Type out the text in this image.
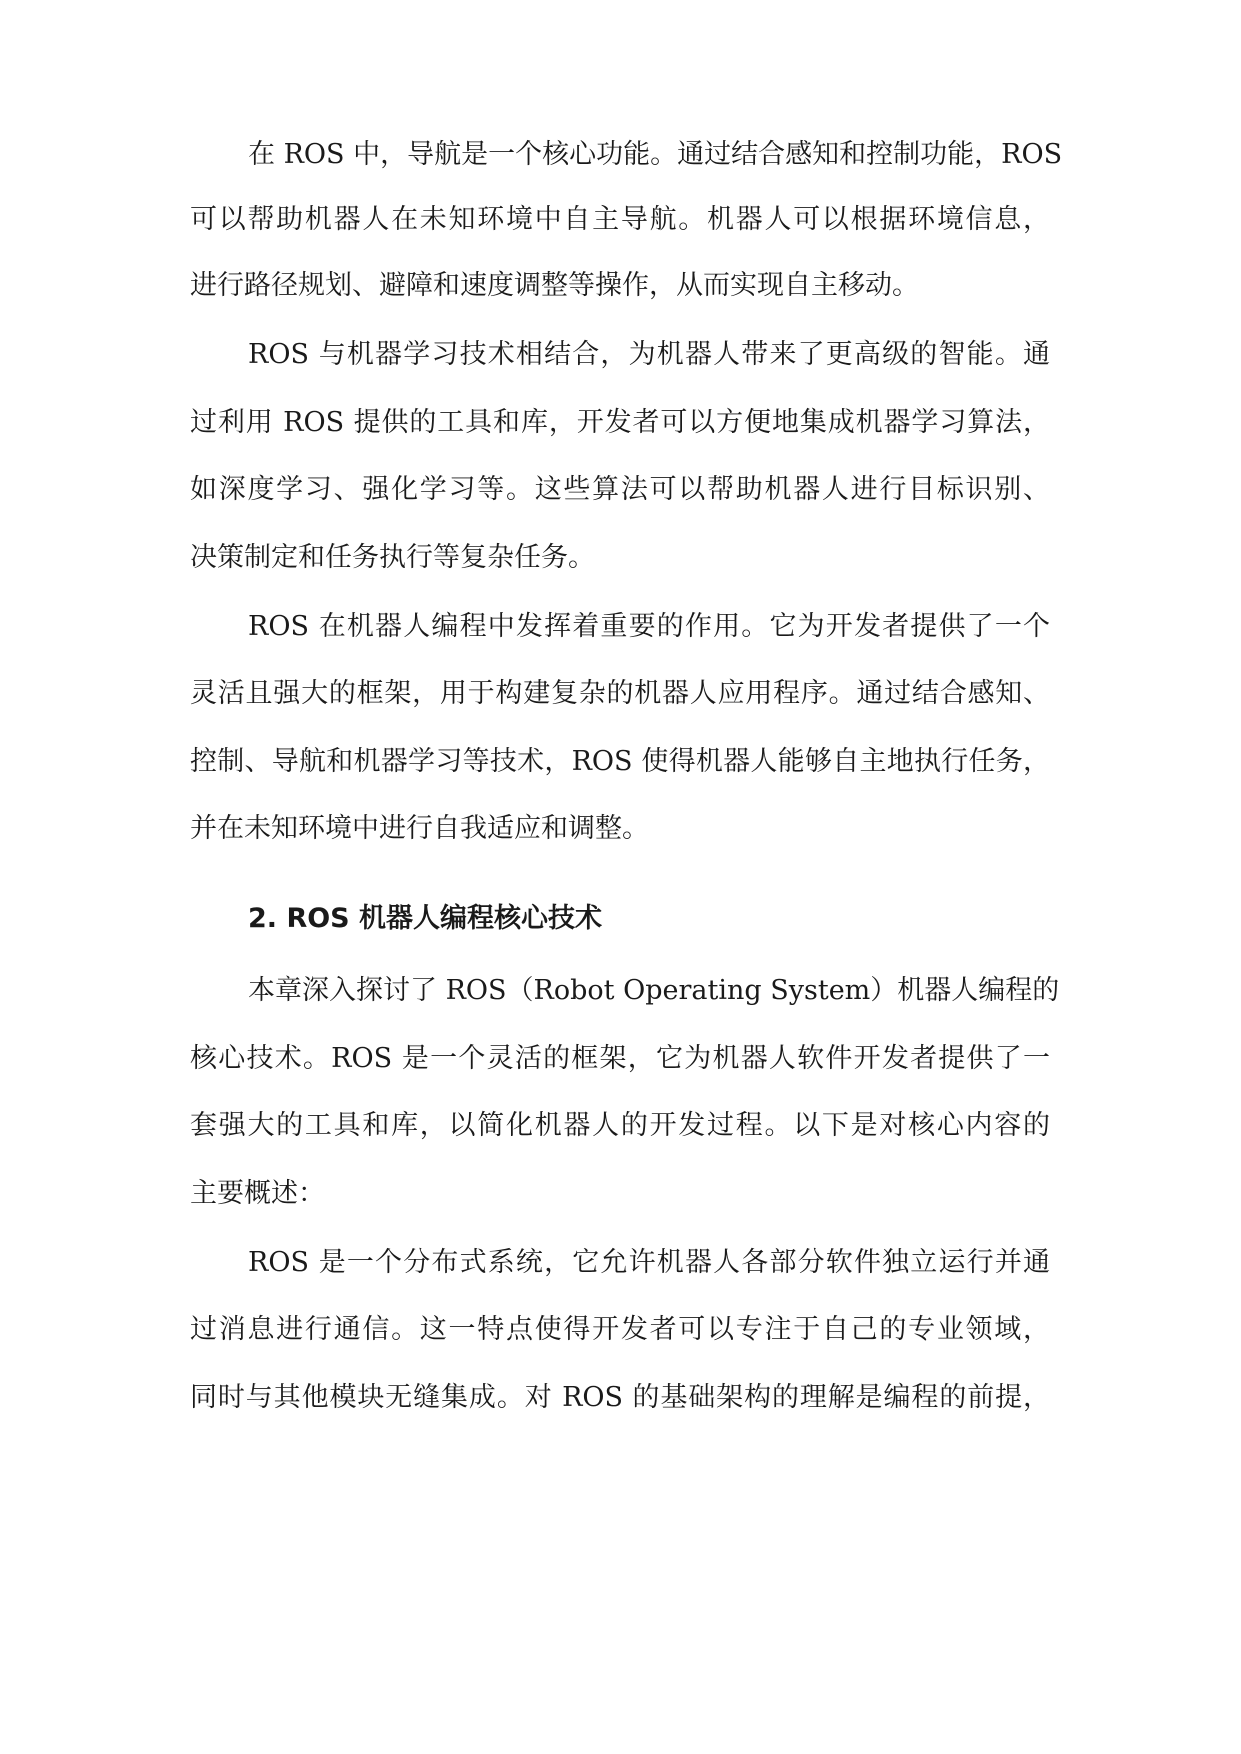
在 ROS 中，导航是一个核心功能。通过结合感知和控制功能，ROS
可以帮助机器人在未知环境中自主导航。机器人可以根据环境信息，
进行路径规划、避障和速度调整等操作，从而实现自主移动。
ROS 与机器学习技术相结合，为机器人带来了更高级的智能。通
过利用 ROS 提供的工具和库，开发者可以方便地集成机器学习算法，
如深度学习、强化学习等。这些算法可以帮助机器人进行目标识别、
决策制定和任务执行等复杂任务。
ROS 在机器人编程中发挥着重要的作用。它为开发者提供了一个
灵活且强大的框架，用于构建复杂的机器人应用程序。通过结合感知、
控制、导航和机器学习等技术，ROS 使得机器人能够自主地执行任务，
并在未知环境中进行自我适应和调整。
2. ROS 机器人编程核心技术
本章深入探讨了 ROS（Robot Operating System）机器人编程的
核心技术。ROS 是一个灵活的框架，它为机器人软件开发者提供了一
套强大的工具和库，以简化机器人的开发过程。以下是对核心内容的
主要概述：
ROS 是一个分布式系统，它允许机器人各部分软件独立运行并通
过消息进行通信。这一特点使得开发者可以专注于自己的专业领域，
同时与其他模块无缝集成。对 ROS 的基础架构的理解是编程的前提，
